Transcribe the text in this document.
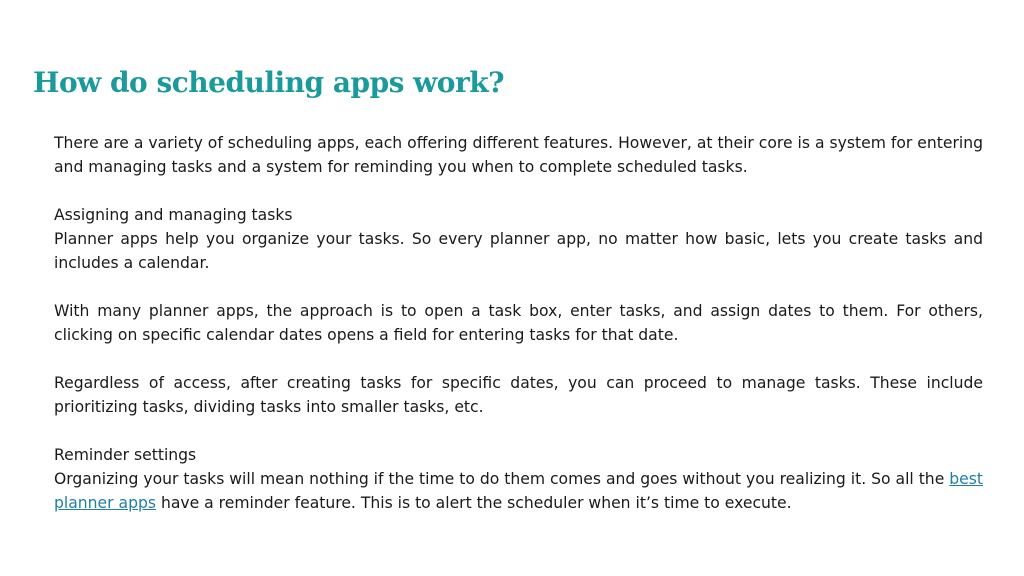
How do scheduling apps work?

There are a variety of scheduling apps, each offering different features. However, at their core is a system for entering and managing tasks and a system for reminding you when to complete scheduled tasks.

Assigning and managing tasks
Planner apps help you organize your tasks. So every planner app, no matter how basic, lets you create tasks and includes a calendar.

With many planner apps, the approach is to open a task box, enter tasks, and assign dates to them. For others, clicking on specific calendar dates opens a field for entering tasks for that date.

Regardless of access, after creating tasks for specific dates, you can proceed to manage tasks. These include prioritizing tasks, dividing tasks into smaller tasks, etc.

Reminder settings
Organizing your tasks will mean nothing if the time to do them comes and goes without you realizing it. So all the best planner apps have a reminder feature. This is to alert the scheduler when it’s time to execute.
